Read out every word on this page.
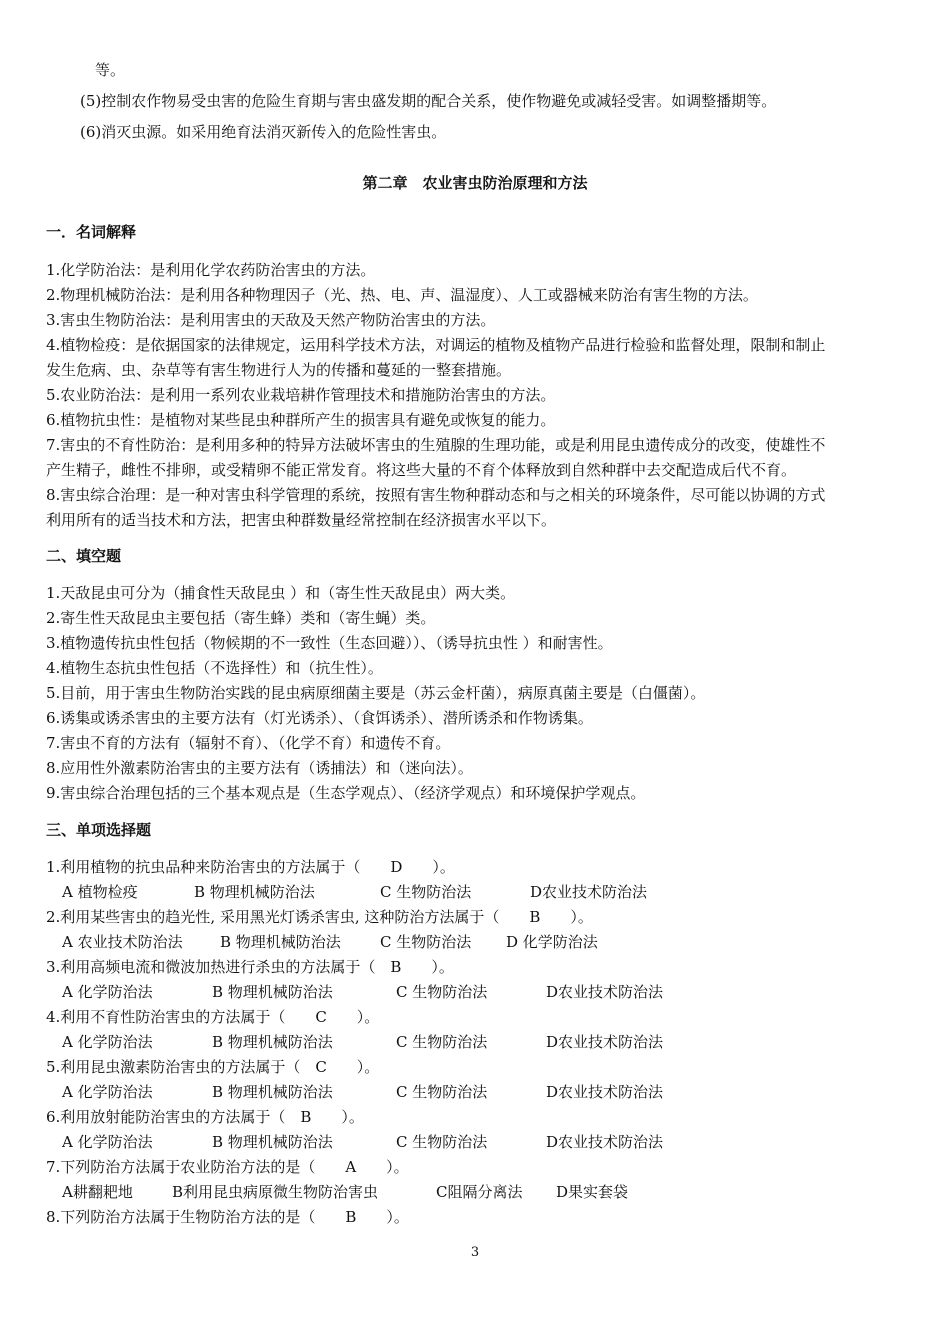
等。
(5)控制农作物易受虫害的危险生育期与害虫盛发期的配合关系，使作物避免或减轻受害。如调整播期等。
(6)消灭虫源。如采用绝育法消灭新传入的危险性害虫。
第二章　农业害虫防治原理和方法
一．名词解释
1.化学防治法：是利用化学农药防治害虫的方法。
2.物理机械防治法：是利用各种物理因子（光、热、电、声、温湿度）、人工或器械来防治有害生物的方法。
3.害虫生物防治法：是利用害虫的天敌及天然产物防治害虫的方法。
4.植物检疫：是依据国家的法律规定，运用科学技术方法，对调运的植物及植物产品进行检验和监督处理，限制和制止
发生危病、虫、杂草等有害生物进行人为的传播和蔓延的一整套措施。
5.农业防治法：是利用一系列农业栽培耕作管理技术和措施防治害虫的方法。
6.植物抗虫性：是植物对某些昆虫种群所产生的损害具有避免或恢复的能力。
7.害虫的不育性防治：是利用多种的特异方法破坏害虫的生殖腺的生理功能，或是利用昆虫遗传成分的改变，使雄性不
产生精子，雌性不排卵，或受精卵不能正常发育。将这些大量的不育个体释放到自然种群中去交配造成后代不育。
8.害虫综合治理：是一种对害虫科学管理的系统，按照有害生物种群动态和与之相关的环境条件，尽可能以协调的方式
利用所有的适当技术和方法，把害虫种群数量经常控制在经济损害水平以下。
二、填空题
1.天敌昆虫可分为（捕食性天敌昆虫 ）和（寄生性天敌昆虫）两大类。
2.寄生性天敌昆虫主要包括（寄生蜂）类和（寄生蝇）类。
3.植物遗传抗虫性包括（物候期的不一致性（生态回避））、（诱导抗虫性 ）和耐害性。
4.植物生态抗虫性包括（不选择性）和（抗生性）。
5.目前，用于害虫生物防治实践的昆虫病原细菌主要是（苏云金杆菌），病原真菌主要是（白僵菌）。
6.诱集或诱杀害虫的主要方法有（灯光诱杀）、（食饵诱杀）、潜所诱杀和作物诱集。
7.害虫不育的方法有（辐射不育）、（化学不育）和遗传不育。
8.应用性外激素防治害虫的主要方法有（诱捕法）和（迷向法）。
9.害虫综合治理包括的三个基本观点是（生态学观点）、（经济学观点）和环境保护学观点。
三、单项选择题
1.利用植物的抗虫品种来防治害虫的方法属于（　　D　　）。
A 植物检疫	B 物理机械防治法	C 生物防治法	D农业技术防治法
2.利用某些害虫的趋光性, 采用黑光灯诱杀害虫, 这种防治方法属于（　　B　　）。
A 农业技术防治法	B 物理机械防治法	C 生物防治法	D 化学防治法
3.利用高频电流和微波加热进行杀虫的方法属于（　B　　）。
A 化学防治法	B 物理机械防治法	C 生物防治法	D农业技术防治法
4.利用不育性防治害虫的方法属于（　　C　　）。
A 化学防治法	B 物理机械防治法	C 生物防治法	D农业技术防治法
5.利用昆虫激素防治害虫的方法属于（　C　　）。
A 化学防治法	B 物理机械防治法	C 生物防治法	D农业技术防治法
6.利用放射能防治害虫的方法属于（　B　　）。
A 化学防治法	B 物理机械防治法	C 生物防治法	D农业技术防治法
7.下列防治方法属于农业防治方法的是（　　A　　）。
A耕翻耙地	B利用昆虫病原微生物防治害虫	C阻隔分离法	D果实套袋
8.下列防治方法属于生物防治方法的是（　　B　　）。
3
